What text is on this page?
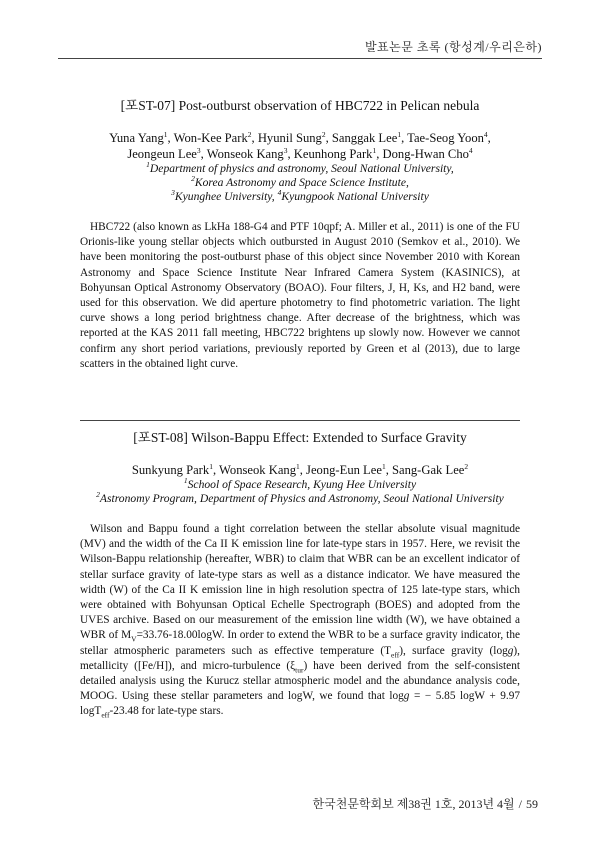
발표논문 초록 (항성계/우리은하)

[포ST-07] Post-outburst observation of HBC722 in Pelican nebula

Yuna Yang$^1$, Won-Kee Park$^2$, Hyunil Sung$^2$, Sanggak Lee$^1$, Tae-Seog Yoon$^4$,
Jeongeun Lee$^3$, Wonseok Kang$^3$, Keunhong Park$^1$, Dong-Hwan Cho$^4$

$^1$Department of physics and astronomy, Seoul National University,

$^2$Korea Astronomy and Space Science Institute,

$^3$Kyunghee University, $^4$Kyungpook National University

HBC722 (also known as LkHa 188-G4 and PTF 10qpf; A. Miller et al., 2011) is one of the FU Orionis-like young stellar objects which outbursted in August 2010 (Semkov et al., 2010). We have been monitoring the post-outburst phase of this object since November 2010 with Korean Astronomy and Space Science Institute Near Infrared Camera System (KASINICS), at Bohyunsan Optical Astronomy Observatory (BOAO). Four filters, J, H, Ks, and H2 band, were used for this observation. We did aperture photometry to find photometric variation. The light curve shows a long period brightness change. After decrease of the brightness, which was reported at the KAS 2011 fall meeting, HBC722 brightens up slowly now. However we cannot confirm any short period variations, previously reported by Green et al (2013), due to large scatters in the obtained light curve.

[포ST-08] Wilson-Bappu Effect: Extended to Surface Gravity

Sunkyung Park$^1$, Wonseok Kang$^1$, Jeong-Eun Lee$^1$, Sang-Gak Lee$^2$

$^1$School of Space Research, Kyung Hee University

$^2$Astronomy Program, Department of Physics and Astronomy, Seoul National University

Wilson and Bappu found a tight correlation between the stellar absolute visual magnitude (MV) and the width of the Ca II K emission line for late-type stars in 1957. Here, we revisit the Wilson-Bappu relationship (hereafter, WBR) to claim that WBR can be an excellent indicator of stellar surface gravity of late-type stars as well as a distance indicator. We have measured the width (W) of the Ca II K emission line in high resolution spectra of 125 late-type stars, which were obtained with Bohyunsan Optical Echelle Spectrograph (BOES) and adopted from the UVES archive. Based on our measurement of the emission line width (W), we have obtained a WBR of $M_V=33.76-18.00\log W$. In order to extend the WBR to be a surface gravity indicator, the stellar atmospheric parameters such as effective temperature $(T_{eff})$, surface gravity (logg), metallicity ([Fe/H]), and micro-turbulence $(\xi_{tur})$ have been derived from the self-consistent detailed analysis using the Kurucz stellar atmospheric model and the abundance analysis code, MOOG. Using these stellar parameters and logW, we found that logg = − 5.85 logW + 9.97 logT$_{eff}$-23.48 for late-type stars.

한국천문학회보 제38권 1호, 2013년 4월 / 59
